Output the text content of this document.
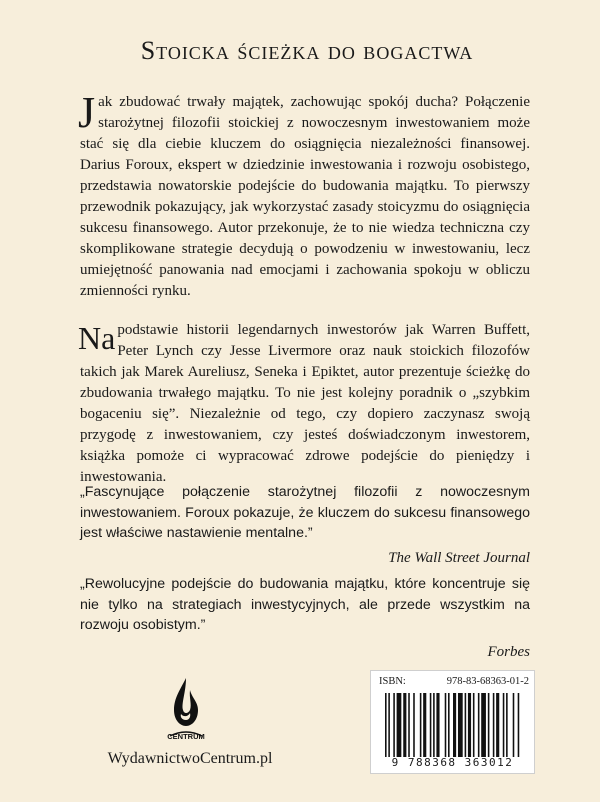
Stoicka ścieżka do bogactwa
Jak zbudować trwały majątek, zachowując spokój ducha? Połączenie starożytnej filozofii stoickiej z nowoczesnym inwestowaniem może stać się dla ciebie kluczem do osiągnięcia niezależności finansowej. Darius Foroux, ekspert w dziedzinie inwestowania i rozwoju osobistego, przedstawia nowatorskie podejście do budowania majątku. To pierwszy przewodnik pokazujący, jak wykorzystać zasady stoicyzmu do osiągnięcia sukcesu finansowego. Autor przekonuje, że to nie wiedza techniczna czy skomplikowane strategie decydują o powodzeniu w inwestowaniu, lecz umiejętność panowania nad emocjami i zachowania spokoju w obliczu zmienności rynku.
Na podstawie historii legendarnych inwestorów jak Warren Buffett, Peter Lynch czy Jesse Livermore oraz nauk stoickich filozofów takich jak Marek Aureliusz, Seneka i Epiktet, autor prezentuje ścieżkę do zbudowania trwałego majątku. To nie jest kolejny poradnik o „szybkim bogaceniu się”. Niezależnie od tego, czy dopiero zaczynasz swoją przygodę z inwestowaniem, czy jesteś doświadczonym inwestorem, książka pomoże ci wypracować zdrowe podejście do pieniędzy i inwestowania.
„Fascynujące połączenie starożytnej filozofii z nowoczesnym inwestowaniem. Foroux pokazuje, że kluczem do sukcesu finansowego jest właściwe nastawienie mentalne.”
The Wall Street Journal
„Rewolucyjne podejście do budowania majątku, które koncentruje się nie tylko na strategiach inwestycyjnych, ale przede wszystkim na rozwoju osobistym.”
Forbes
CENTRUM
WydawnictwoCentrum.pl
ISBN:	978-83-68363-01-2
9 788368 363012
